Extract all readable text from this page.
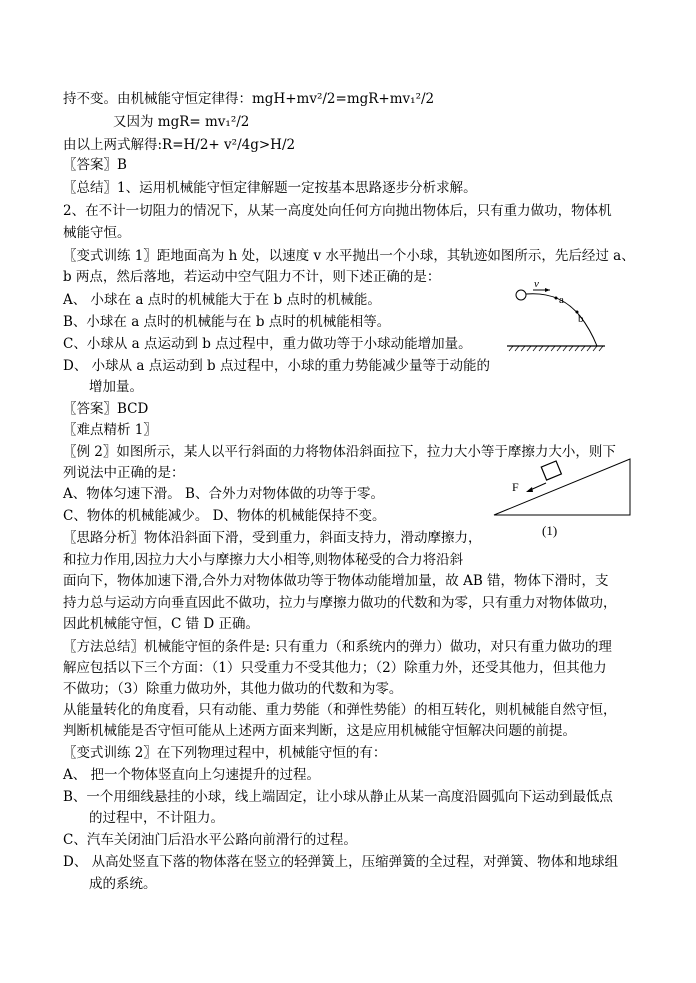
持不变。由机械能守恒定律得：mgH+mv²/2=mgR+mv₁²/2
又因为 mgR= mv₁²/2
由以上两式解得:R=H/2+ v²/4g>H/2
〖答案〗B
〖总结〗1、运用机械能守恒定律解题一定按基本思路逐步分析求解。
2、在不计一切阻力的情况下，从某一高度处向任何方向抛出物体后，只有重力做功，物体机
械能守恒。
〖变式训练 1〗距地面高为 h 处，以速度 v 水平抛出一个小球，其轨迹如图所示，先后经过 a、
b 两点，然后落地，若运动中空气阻力不计，则下述正确的是：
A、 小球在 a 点时的机械能大于在 b 点时的机械能。
B、小球在 a 点时的机械能与在 b 点时的机械能相等。
C、小球从 a 点运动到 b 点过程中，重力做功等于小球动能增加量。
D、 小球从 a 点运动到 b 点过程中，小球的重力势能减少量等于动能的
增加量。
〖答案〗BCD
〖难点精析 1〗
〖例 2〗如图所示，某人以平行斜面的力将物体沿斜面拉下，拉力大小等于摩擦力大小，则下
列说法中正确的是：
A、物体匀速下滑。 B、合外力对物体做的功等于零。
C、物体的机械能减少。 D、物体的机械能保持不变。
〖思路分析〗物体沿斜面下滑，受到重力，斜面支持力，滑动摩擦力，
和拉力作用,因拉力大小与摩擦力大小相等,则物体秘受的合力将沿斜
面向下，物体加速下滑,合外力对物体做功等于物体动能增加量，故 AB 错，物体下滑时，支
持力总与运动方向垂直因此不做功，拉力与摩擦力做功的代数和为零，只有重力对物体做功，
因此机械能守恒，C 错 D 正确。
〖方法总结〗机械能守恒的条件是: 只有重力（和系统内的弹力）做功，对只有重力做功的理
解应包括以下三个方面：（1）只受重力不受其他力；（2）除重力外，还受其他力，但其他力
不做功；（3）除重力做功外，其他力做功的代数和为零。
从能量转化的角度看，只有动能、重力势能（和弹性势能）的相互转化，则机械能自然守恒，
判断机械能是否守恒可能从上述两方面来判断，这是应用机械能守恒解决问题的前提。
〖变式训练 2〗在下列物理过程中，机械能守恒的有：
A、 把一个物体竖直向上匀速提升的过程。
B、一个用细线悬挂的小球，线上端固定，让小球从静止从某一高度沿圆弧向下运动到最低点
的过程中，不计阻力。
C、汽车关闭油门后沿水平公路向前滑行的过程。
D、 从高处竖直下落的物体落在竖立的轻弹簧上，压缩弹簧的全过程，对弹簧、物体和地球组
成的系统。
v
a
b
F
(1)
